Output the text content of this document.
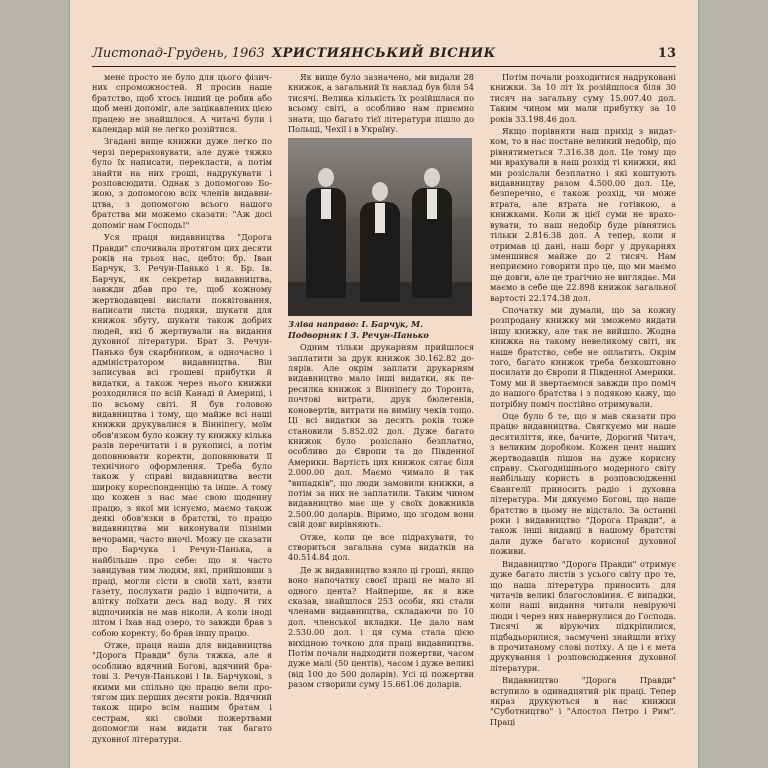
Листопад-Грудень, 1963 ХРИСТИЯНСЬКИЙ ВІСНИК	13

менє просто не було для цього фізичних спроможностей. Я просив наше братство, щоб хтось інший це робив або щоб мені допоміг, але зацікавлених цією працею не знайшлося. А читачі були і календар мій не легко розійтися.

Згадані вище книжки дуже легко по черзі перераховувати, але дуже тяжко було їх написати, перекласти, а потім знайти на них гроші, надрукувати і розповсюдити. Однак з допомогою Божою, з допомогою всіх членів видавництва, з допомогою всього нашого братства ми можемо сказати: "Аж досі допоміг нам Господь!"

Уся праця видавництва "Дорога Правди" спочивала протягом цих десяти років на трьох нас, цебто: бр. Іван Барчук, З. Речун-Панько і я. Бр. Ів. Барчук, як секретар видавництва, завжди дбав про те, щоб кожному жертводавцеві вислати поквітовання, написати листа подяки, шукати для книжок збуту, шукати також добрих людей, які б жертвували на видання духовної літератури. Брат З. Речун-Панько був скарбником, а одночасно і адміністратором видавництва. Він записував всі грошеві прибутки й видатки, а також через нього книжки розходилися по всій Канаді й Америці, і по всьому світі. Я був головою видавництва і тому, що майже всі наші книжки друкувалися в Вінніпегу, моїм обов'язком було кожну ту книжку кілька разів перечитати і в рукописі, а потім доповнювати коректи, доповнювати її технічного оформлення. Треба було також у справі видавництва вести широку кореспонденцію та інше. А тому що кожен з нас має свою щоденну працю, з якої ми існуємо, маємо також деякі обов'язки в братстві, то працю видавництва ми виконували пізніми вечорами, часто вночі. Можу це сказати про Барчука і Речун-Панька, а найбільше про себе: що я часто завидував тим людям, які, прийшовши з праці, могли сісти в своїй хаті, взяти газету, послухати радіо і відпочити, а влітку поїхати десь над воду. Я тих відпочинків не мав ніколи. А коли іноді літом і їхав над озеро, то завжди брав з собою коректу, бо брав іншу працю.

Отже, праця наша для видавництва "Дорога Правди" була тяжка, але я особливо вдячний Богові, вдячний братові З. Речун-Панькові і Ів. Барчукові, з якими ми спільно цю працю вели протягом цих перших десяти років. Вдячний також щиро всім нашим братам і сестрам, які своїми пожертвами допомогли нам видати так багато духовної літератури.

Як вище було зазначено, ми видали 28 книжок, а загальний їх наклад був біля 54 тисячі. Велика кількість їх розійшлася по всьому світі, а особливо нам приємно знати, що багато тієї літератури пішло до Польщі, Чехії і в Україну.

Зліва направо: І. Барчук, М. Подворняк і З. Речун-Панько

Одним тільки друкарням прийшлося заплатити за друк книжок 30.162.82 долярів. Але окрім заплати друкарням видавництво мало інші видатки, як пересилка книжок з Вінніпегу до Торонта, почтові витрати, друк бюлетенів, коновертів, витрати на виміну чеків тощо. Ці всі видатки за десять років тоже становили 5.852.02 дол. Дуже багато книжок було розіслано безплатно, особливо до Європи та до Південної Америки. Вартість цих книжок сягає біля 2.000.00 дол. Маємо чимало й так "випадків", що люди замовили книжки, а потім за них не заплатили. Таким чином видавництво має ще у своїх довжників 2.500.00 доларів. Віримо, що згодом вони свій довг вирівняють.

Отже, коли це все підрахувати, то створиться загальна сума видатків на 40.514.84 дол.

Де ж видавництво взяло ці гроші, якщо воно напочатку своєї праці не мало ні одного цента? Найперше, як я вже сказав, знайшлося 253 особи, які стали членами видавництва, складаючи по 10 дол. членської вкладки. Це дало нам 2.530.00 дол. і ця сума стала цією вихідною точкою для праці видавництва. Потім почали надходити пожертви, часом дуже малі (50 центів), часом і дуже великі (від 100 до 500 доларів). Усі ці пожертви разом створили суму 15.661.06 доларів.

Потім почали розходитися надруковані книжки. За 10 літ їх розійшлося біля 30 тисяч на загальну суму 15.007.40 дол. Таким чином ми мали прибутку за 10 років 33.198.46 дол.

Якщо порівняти наш прихід з видатком, то в нас постане великий недобір, що рівнятиметься 7.316.38 дол. Це тому що ми врахували в наш розхід ті книжки, які ми розіслали безплатно і які коштують видавництву разом 4.500.00 дол. Це, безперечно, є також розхід, чи може втрата, але втрата не готівкою, а книжками. Коли ж цієї суми не враховувати, то наш недобір буде рівнятись тільки 2.816.38 дол. А тепер, коли я отримав ці дані, наш борг у друкарнях зменшився майже до 2 тисяч. Нам неприємно говорити про це, що ми маємо ще довги, але це трагічно не виглядає. Ми маємо в себе ще 22.898 книжок загальної вартості 22.174.38 дол.

Спочатку ми думали, що за кожну розпродану книжку ми зможемо видати іншу книжку, але так не вийшло. Жодна книжка на такому невеликому світі, як наше братство, себе не оплатить. Окрім того, багато книжок треба безкоштовно посилати до Європи й Південної Америки. Тому ми й звертаємося завжди про поміч до нашого братства і з подякою кажу, що потрібну поміч постійно отримували.

Оце було б те, що я мав сказати про працю видавництва. Свягкуємо ми наше десятиліття, яке, бачите, Дорогий Читач, з великим доробком. Кожен цент наших жертводавців пішов на дуже корисну справу. Сьогоднішнього модерного світу найбільшу користь в розповсюдженні Євангелії приносить радіо і духовна література. Ми дякуємо Богові, що наше братство в цьому не відстало. За останні роки і видавництво "Дорога Правди", а також інші видавці в нашому братстві дали дуже багато корисної духовної поживи.

Видавництво "Дорога Правди" отримує дуже багато листів з усього світу про те, що наша література приносить для читачів великі благословіння. Є випадки, коли наші видання читали невіруючі люди і через них навернулися до Господа. Тисячі ж віруючих підкріпилися, підбадьорилися, засмучені знайшли втіху в прочитаному слові потіху. А це і є мета друкування і розповсюдження духовної літератури.

Видавництво "Дорога Правди" вступило в одинадцятий рік праці. Тепер якраз друкуються в нас книжки "Суботництво" і "Апостол Петро і Рим". Праці
